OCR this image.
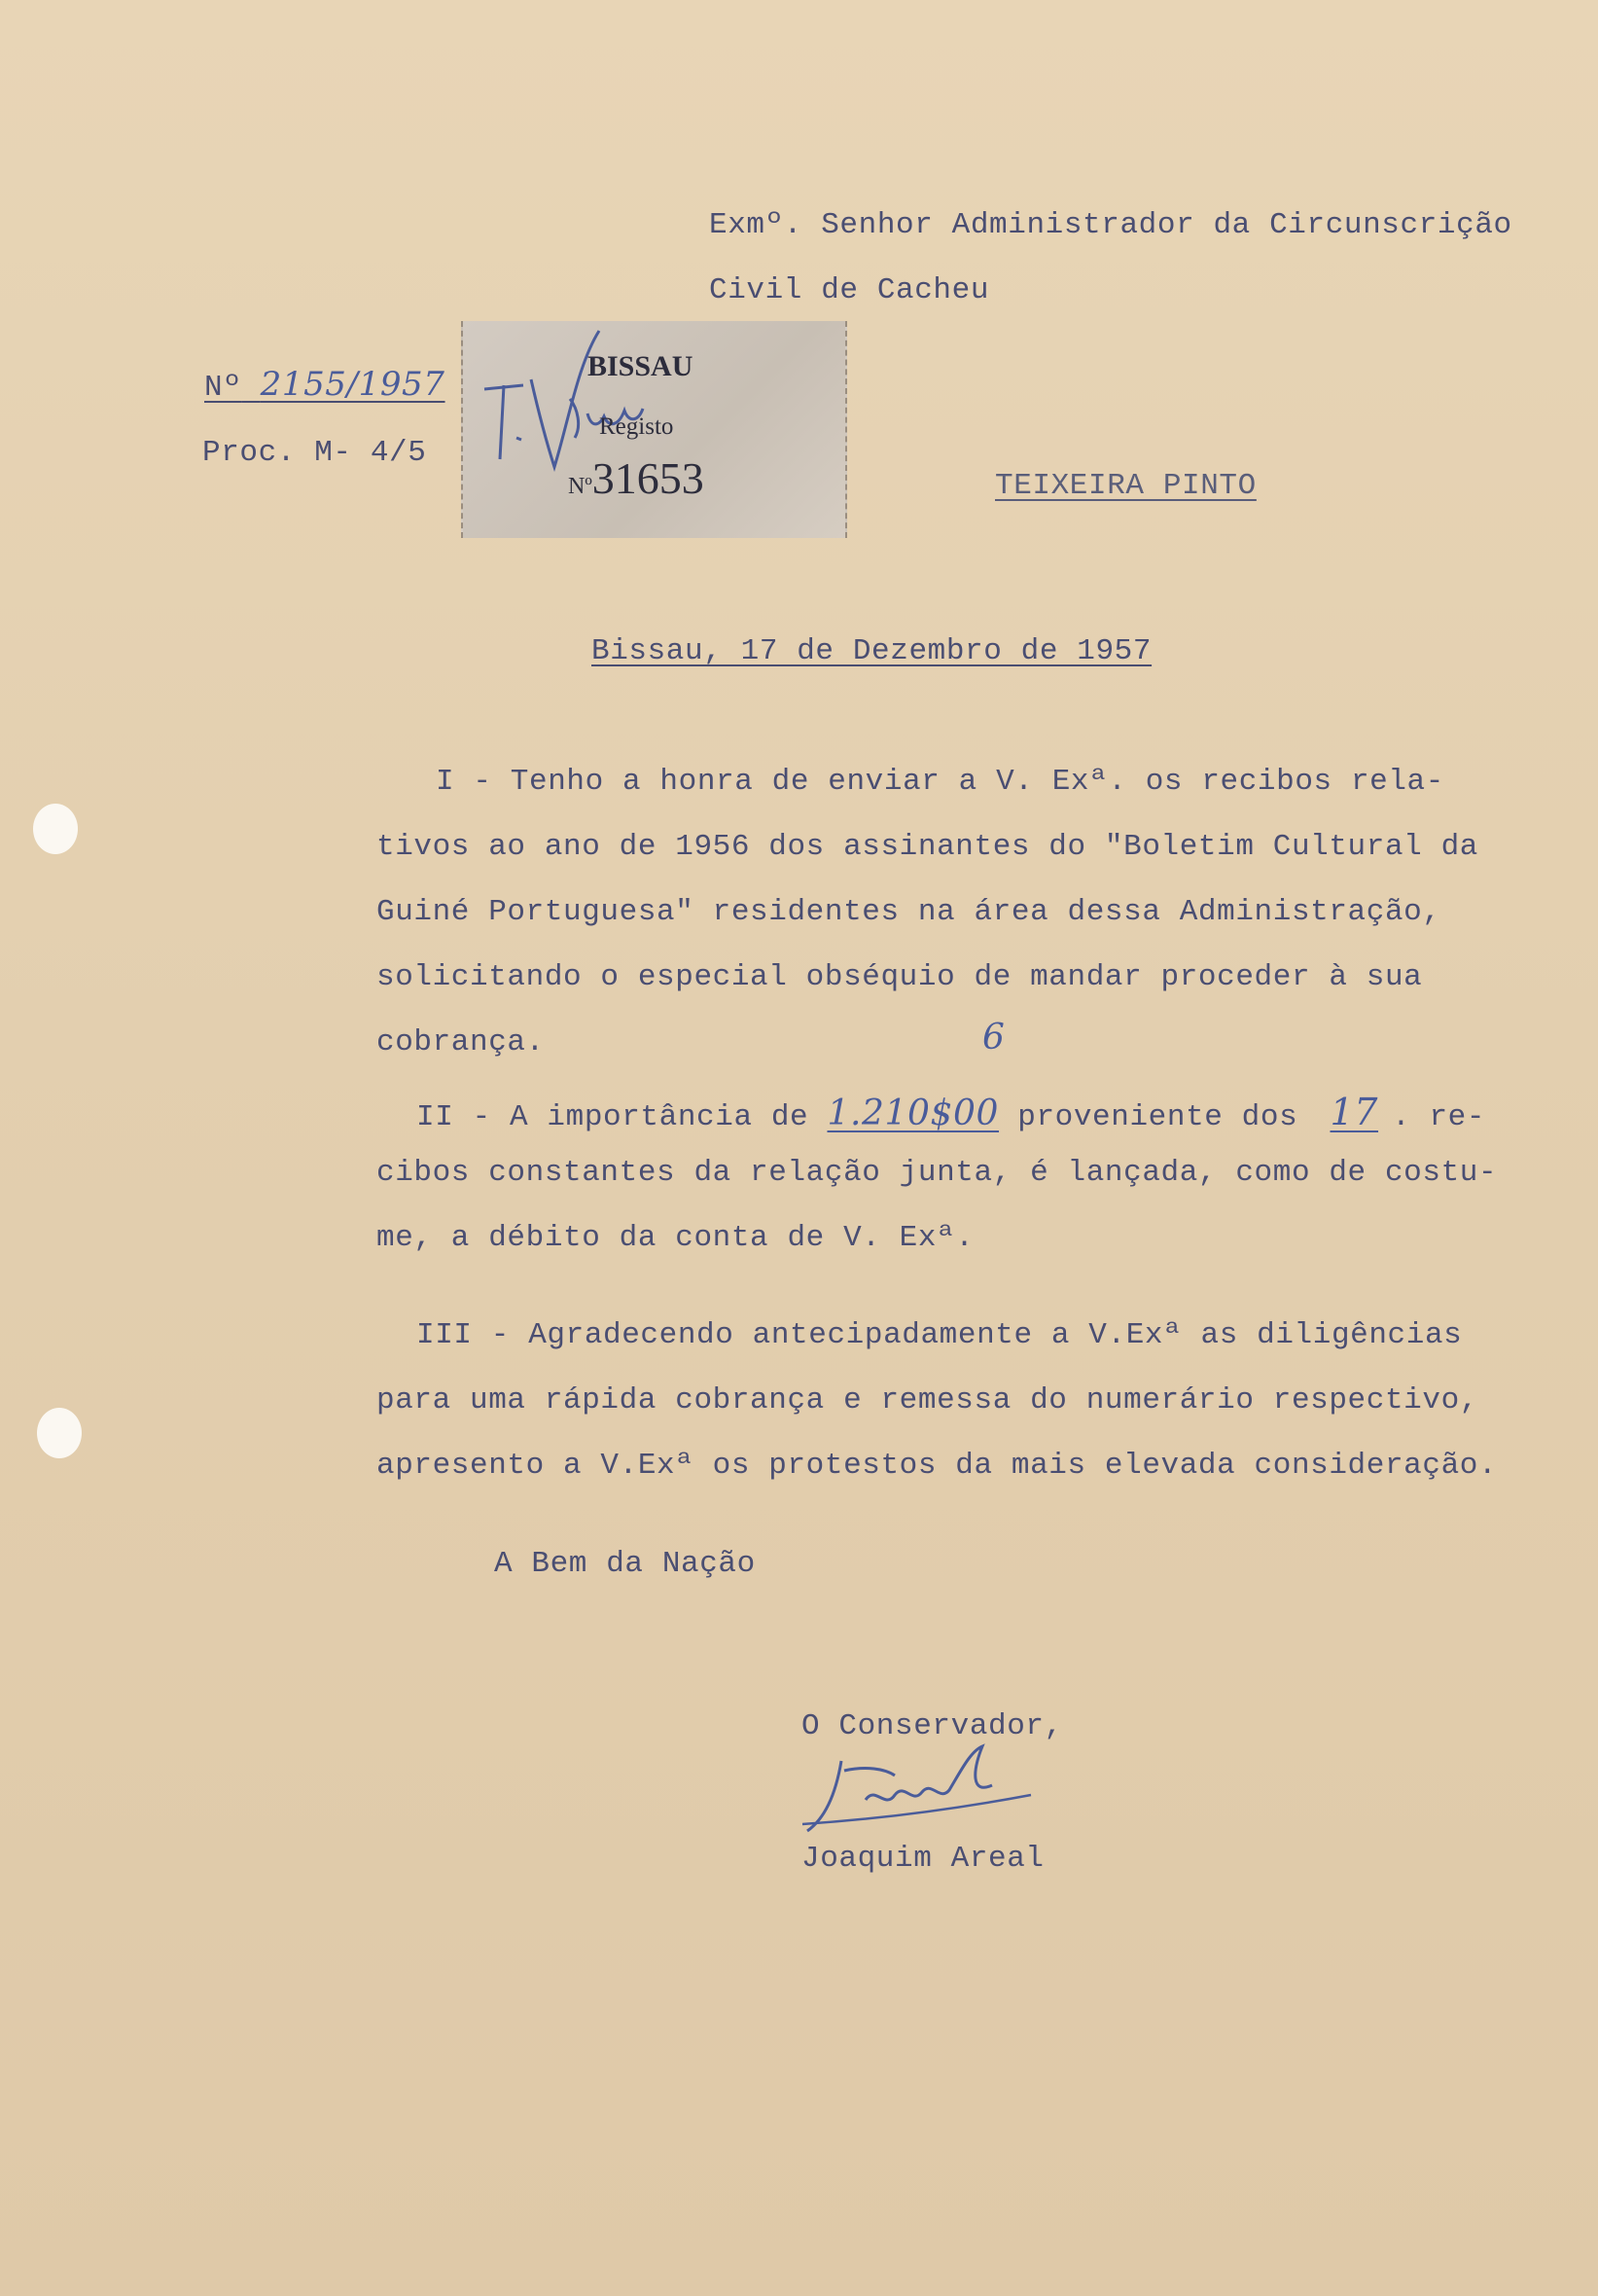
Exmº. Senhor Administrador da Circunscrição
Civil de Cacheu
Nº 2155/1957
Proc. M- 4/5
BISSAU
Registo
Nº31653	TEIXEIRA PINTO
Bissau, 17 de Dezembro de 1957
I - Tenho a honra de enviar a V. Exª. os recibos rela-
tivos ao ano de 1956 dos assinantes do "Boletim Cultural da
Guiné Portuguesa" residentes na área dessa Administração,
solicitando o especial obséquio de mandar proceder à sua
cobrança.
II - A importância de 1.210$00 proveniente dos 17 . re-
6
cibos constantes da relação junta, é lançada, como de costu-
me, a débito da conta de V. Exª.
III - Agradecendo antecipadamente a V.Exª as diligências
para uma rápida cobrança e remessa do numerário respectivo,
apresento a V.Exª os protestos da mais elevada consideração.
A Bem da Nação
O Conservador,
Joaquim Areal
